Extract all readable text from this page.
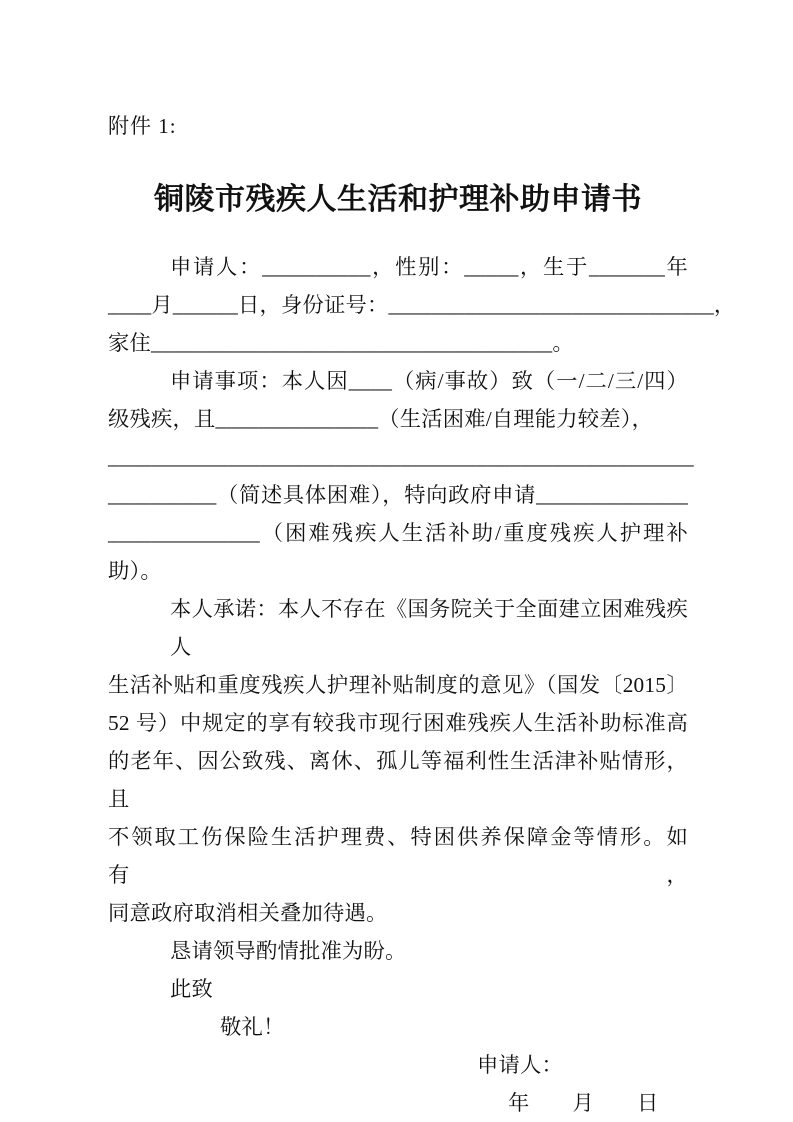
附件 1:
铜陵市残疾人生活和护理补助申请书
申请人：__________，性别：_____，生于_______年
____月______日，身份证号：______________________________，
家住_____________________________________。
申请事项：本人因____（病/事故）致（一/二/三/四）
级残疾，且_______________（生活困难/自理能力较差），
______________________________________________________
__________（简述具体困难），特向政府申请______________
______________（困难残疾人生活补助/重度残疾人护理补
助）。
本人承诺：本人不存在《国务院关于全面建立困难残疾人
生活补贴和重度残疾人护理补贴制度的意见》（国发〔2015〕
52 号）中规定的享有较我市现行困难残疾人生活补助标准高
的老年、因公致残、离休、孤儿等福利性生活津补贴情形，且
不领取工伤保险生活护理费、特困供养保障金等情形。如有，
同意政府取消相关叠加待遇。
恳请领导酌情批准为盼。
此致
敬礼！
申请人：
年　　月　　日
